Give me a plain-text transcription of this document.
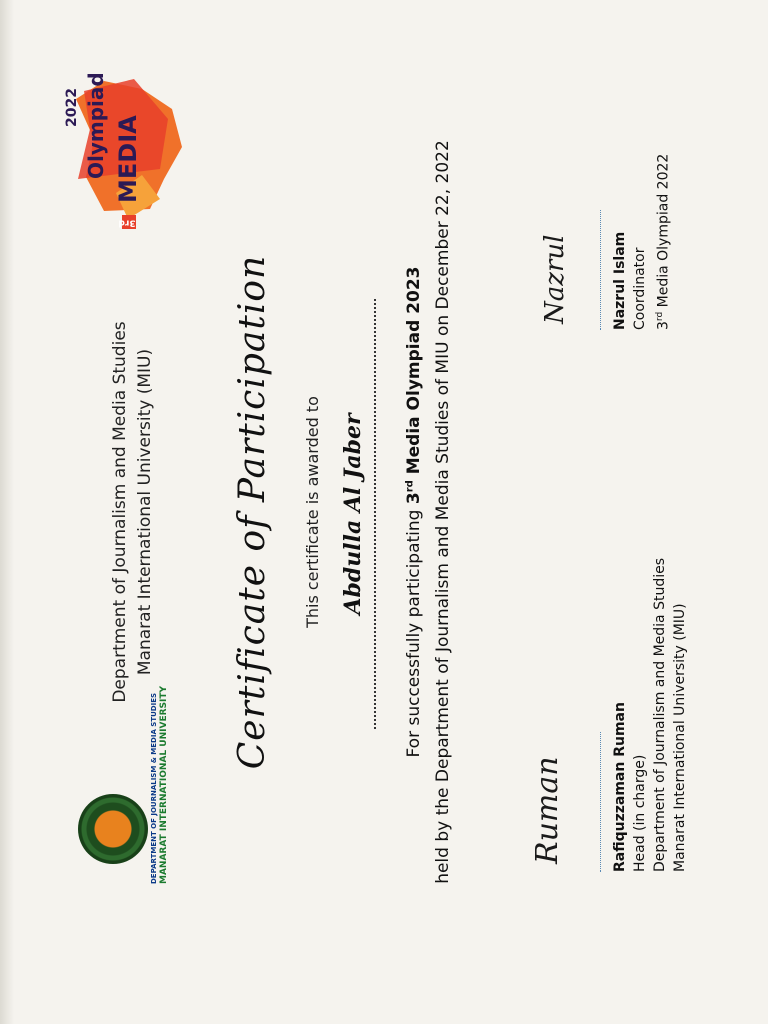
DEPARTMENT OF JOURNALISM & MEDIA STUDIES MANARAT INTERNATIONAL UNIVERSITY
Department of Journalism and Media Studies Manarat International University (MIU)
3rd
MEDIA
Olympiad
2022
Certificate of Participation This certificate is awarded to Abdulla Al Jaber For successfully participating 3rd Media Olympiad 2023 held by the Department of Journalism and Media Studies of MIU on December 22, 2022	Ruman	Rafiquzzaman Ruman Head (in charge) Department of Journalism and Media Studies Manarat International University (MIU)
Nazrul	Nazrul Islam Coordinator 3rd Media Olympiad 2022
